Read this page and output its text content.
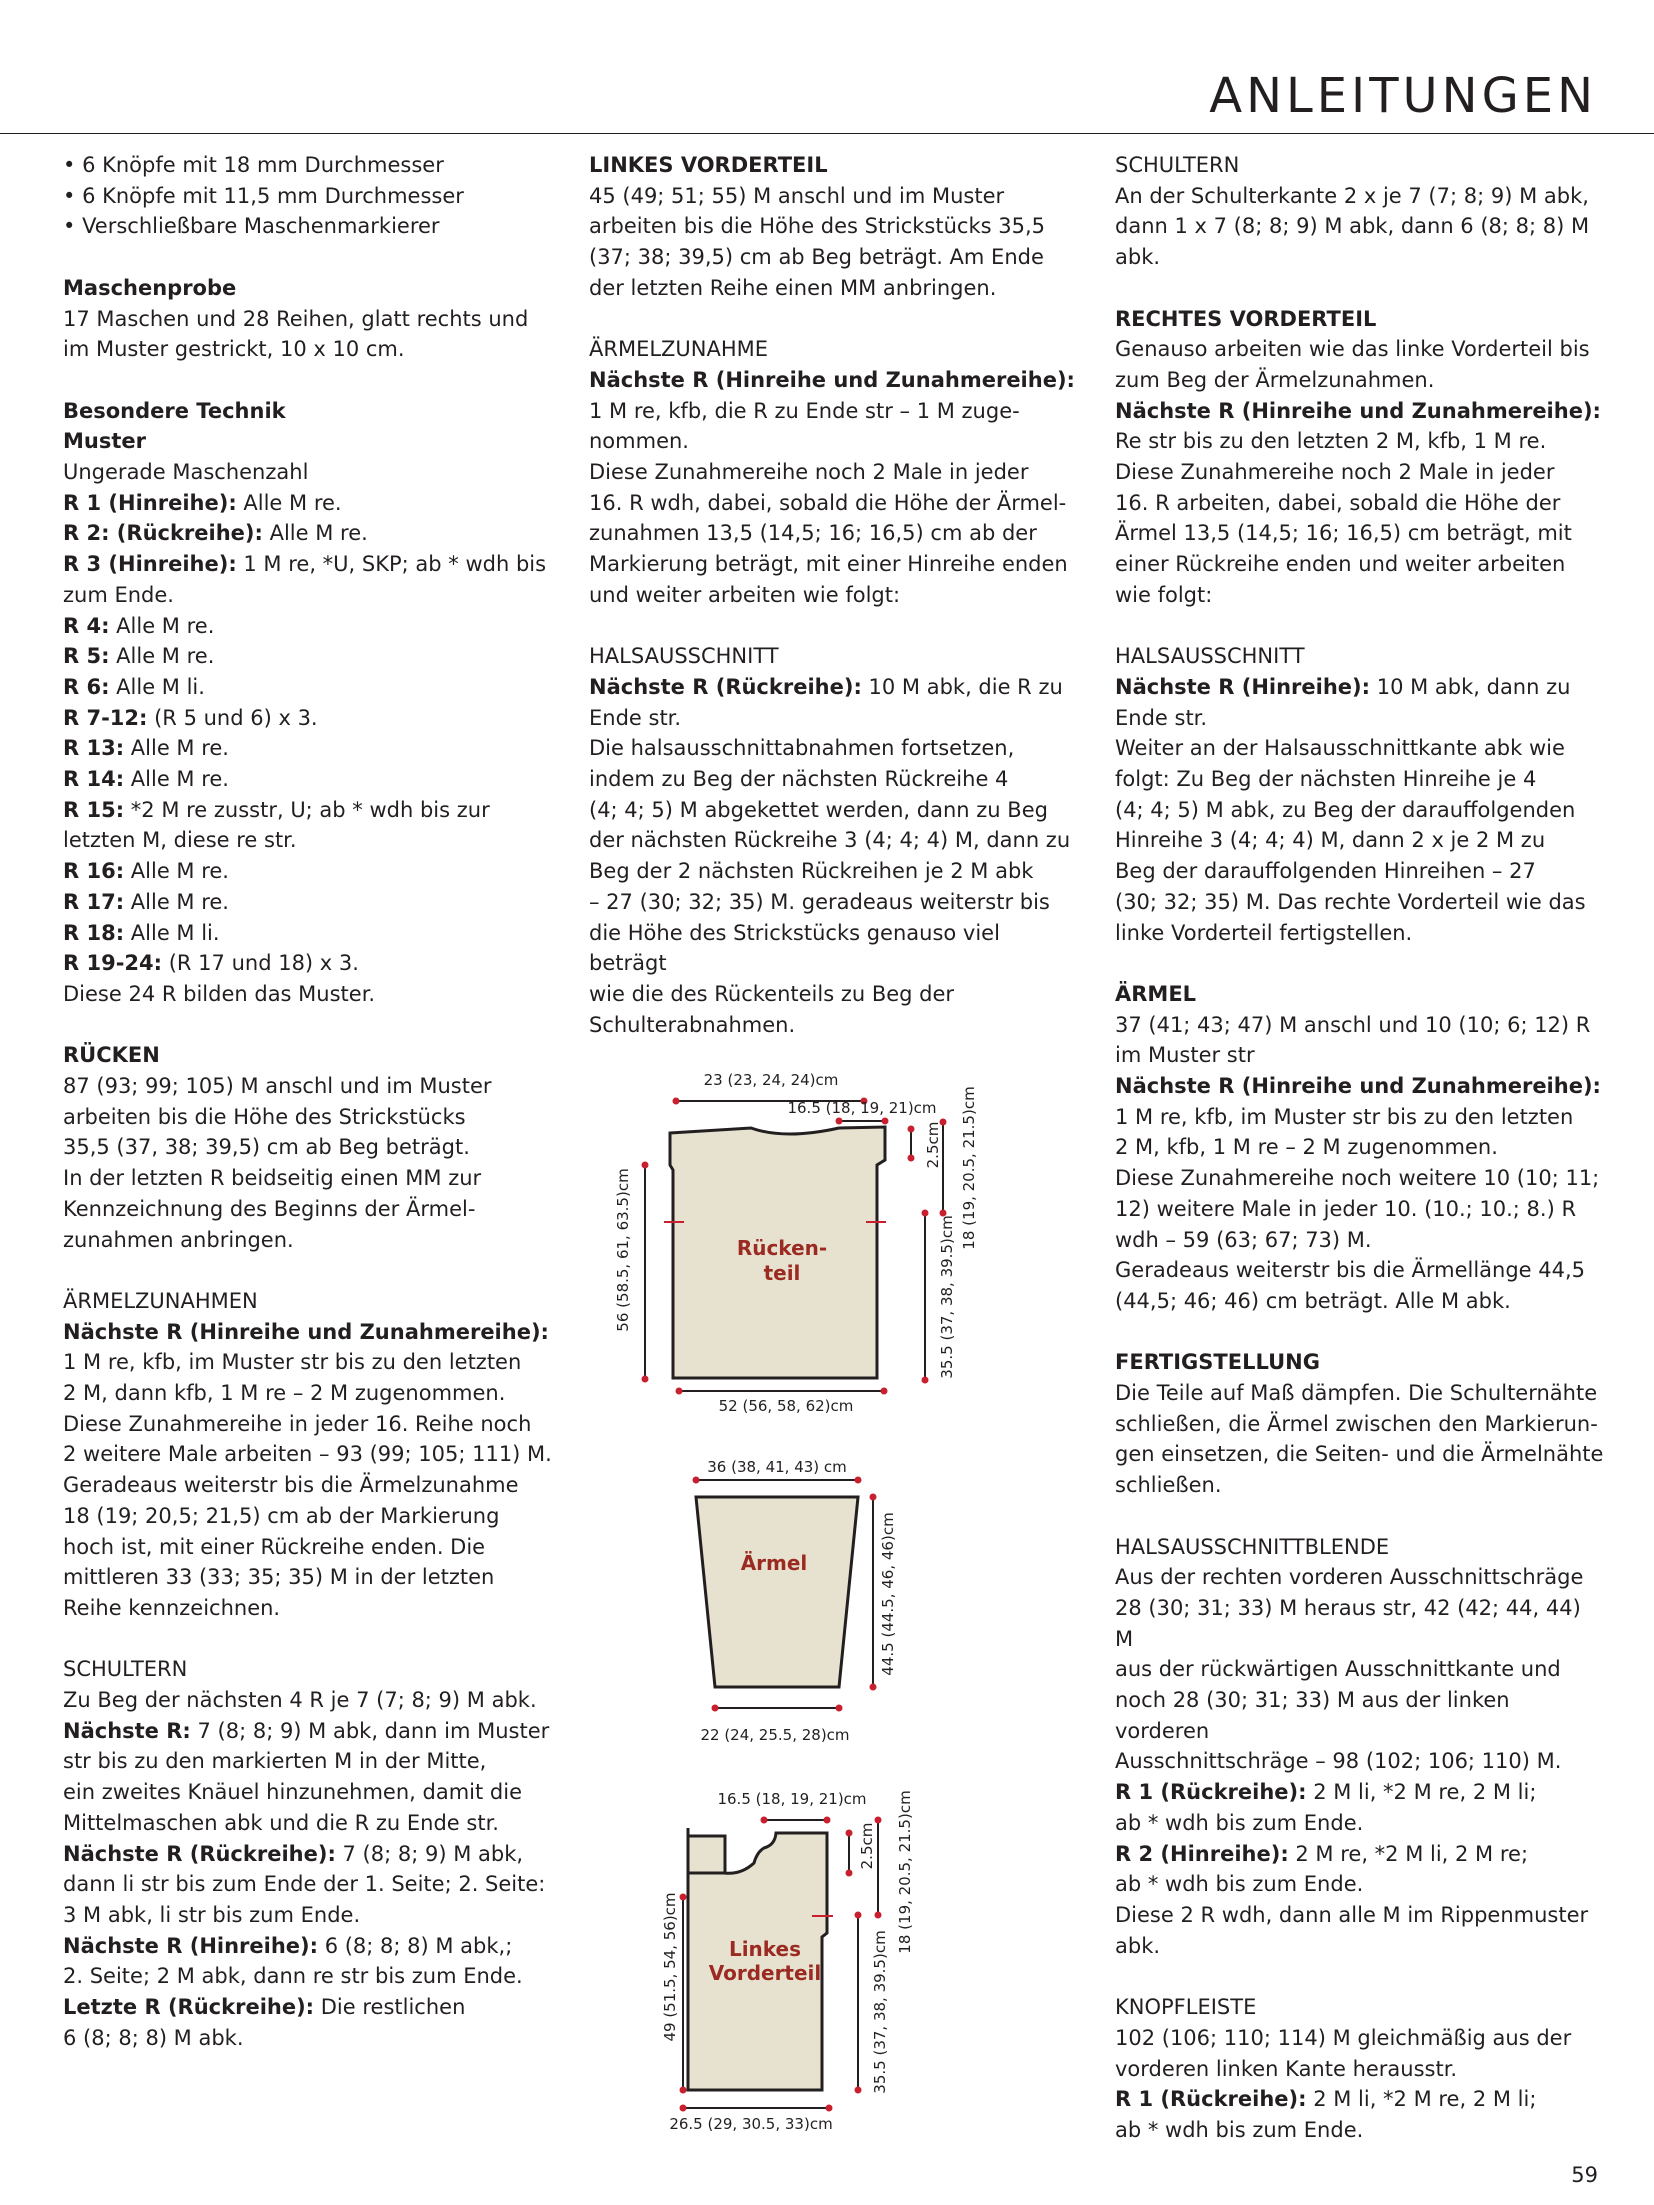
ANLEITUNGEN

• 6 Knöpfe mit 18 mm Durchmesser

• 6 Knöpfe mit 11,5 mm Durchmesser

• Verschließbare Maschenmarkierer

Maschenprobe

17 Maschen und 28 Reihen, glatt rechts und

im Muster gestrickt, 10 x 10 cm.

Besondere Technik

Muster

Ungerade Maschenzahl

R 1 (Hinreihe): Alle M re.

R 2: (Rückreihe): Alle M re.

R 3 (Hinreihe): 1 M re, *U, SKP; ab * wdh bis

zum Ende.

R 4: Alle M re.

R 5: Alle M re.

R 6: Alle M li.

R 7-12: (R 5 und 6) x 3.

R 13: Alle M re.

R 14: Alle M re.

R 15: *2 M re zusstr, U; ab * wdh bis zur

letzten M, diese re str.

R 16: Alle M re.

R 17: Alle M re.

R 18: Alle M li.

R 19-24: (R 17 und 18) x 3.

Diese 24 R bilden das Muster.

RÜCKEN

87 (93; 99; 105) M anschl und im Muster

arbeiten bis die Höhe des Strickstücks

35,5 (37, 38; 39,5) cm ab Beg beträgt.

In der letzten R beidseitig einen MM zur

Kennzeichnung des Beginns der Ärmel-

zunahmen anbringen.

ÄRMELZUNAHMEN

Nächste R (Hinreihe und Zunahmereihe):

1 M re, kfb, im Muster str bis zu den letzten

2 M, dann kfb, 1 M re – 2 M zugenommen.

Diese Zunahmereihe in jeder 16. Reihe noch

2 weitere Male arbeiten – 93 (99; 105; 111) M.

Geradeaus weiterstr bis die Ärmelzunahme

18 (19; 20,5; 21,5) cm ab der Markierung

hoch ist, mit einer Rückreihe enden. Die

mittleren 33 (33; 35; 35) M in der letzten

Reihe kennzeichnen.

SCHULTERN

Zu Beg der nächsten 4 R je 7 (7; 8; 9) M abk.

Nächste R: 7 (8; 8; 9) M abk, dann im Muster

str bis zu den markierten M in der Mitte,

ein zweites Knäuel hinzunehmen, damit die

Mittelmaschen abk und die R zu Ende str.

Nächste R (Rückreihe): 7 (8; 8; 9) M abk,

dann li str bis zum Ende der 1. Seite; 2. Seite:

3 M abk, li str bis zum Ende.

Nächste R (Hinreihe): 6 (8; 8; 8) M abk,;

2. Seite; 2 M abk, dann re str bis zum Ende.

Letzte R (Rückreihe): Die restlichen

6 (8; 8; 8) M abk.

LINKES VORDERTEIL

45 (49; 51; 55) M anschl und im Muster

arbeiten bis die Höhe des Strickstücks 35,5

(37; 38; 39,5) cm ab Beg beträgt. Am Ende

der letzten Reihe einen MM anbringen.

ÄRMELZUNAHME

Nächste R (Hinreihe und Zunahmereihe):

1 M re, kfb, die R zu Ende str – 1 M zuge-

nommen.

Diese Zunahmereihe noch 2 Male in jeder

16. R wdh, dabei, sobald die Höhe der Ärmel-

zunahmen 13,5 (14,5; 16; 16,5) cm ab der

Markierung beträgt, mit einer Hinreihe enden

und weiter arbeiten wie folgt:

HALSAUSSCHNITT

Nächste R (Rückreihe): 10 M abk, die R zu

Ende str.

Die halsausschnittabnahmen fortsetzen,

indem zu Beg der nächsten Rückreihe 4

(4; 4; 5) M abgekettet werden, dann zu Beg

der nächsten Rückreihe 3 (4; 4; 4) M, dann zu

Beg der 2 nächsten Rückreihen je 2 M abk

– 27 (30; 32; 35) M. geradeaus weiterstr bis

die Höhe des Strickstücks genauso viel beträgt

wie die des Rückenteils zu Beg der

Schulterabnahmen.

SCHULTERN

An der Schulterkante 2 x je 7 (7; 8; 9) M abk,

dann 1 x 7 (8; 8; 9) M abk, dann 6 (8; 8; 8) M

abk.

RECHTES VORDERTEIL

Genauso arbeiten wie das linke Vorderteil bis

zum Beg der Ärmelzunahmen.

Nächste R (Hinreihe und Zunahmereihe):

Re str bis zu den letzten 2 M, kfb, 1 M re.

Diese Zunahmereihe noch 2 Male in jeder

16. R arbeiten, dabei, sobald die Höhe der

Ärmel 13,5 (14,5; 16; 16,5) cm beträgt, mit

einer Rückreihe enden und weiter arbeiten

wie folgt:

HALSAUSSCHNITT

Nächste R (Hinreihe): 10 M abk, dann zu

Ende str.

Weiter an der Halsausschnittkante abk wie

folgt: Zu Beg der nächsten Hinreihe je 4

(4; 4; 5) M abk, zu Beg der darauffolgenden

Hinreihe 3 (4; 4; 4) M, dann 2 x je 2 M zu

Beg der darauffolgenden Hinreihen – 27

(30; 32; 35) M. Das rechte Vorderteil wie das

linke Vorderteil fertigstellen.

ÄRMEL

37 (41; 43; 47) M anschl und 10 (10; 6; 12) R

im Muster str

Nächste R (Hinreihe und Zunahmereihe):

1 M re, kfb, im Muster str bis zu den letzten

2 M, kfb, 1 M re – 2 M zugenommen.

Diese Zunahmereihe noch weitere 10 (10; 11;

12) weitere Male in jeder 10. (10.; 10.; 8.) R

wdh – 59 (63; 67; 73) M.

Geradeaus weiterstr bis die Ärmellänge 44,5

(44,5; 46; 46) cm beträgt. Alle M abk.

FERTIGSTELLUNG

Die Teile auf Maß dämpfen. Die Schulternähte

schließen, die Ärmel zwischen den Markierun-

gen einsetzen, die Seiten- und die Ärmelnähte

schließen.

HALSAUSSCHNITTBLENDE

Aus der rechten vorderen Ausschnittschräge

28 (30; 31; 33) M heraus str, 42 (42; 44, 44) M

aus der rückwärtigen Ausschnittkante und

noch 28 (30; 31; 33) M aus der linken vorderen

Ausschnittschräge – 98 (102; 106; 110) M.

R 1 (Rückreihe): 2 M li, *2 M re, 2 M li;

ab * wdh bis zum Ende.

R 2 (Hinreihe): 2 M re, *2 M li, 2 M re;

ab * wdh bis zum Ende.

Diese 2 R wdh, dann alle M im Rippenmuster

abk.

KNOPFLEISTE

102 (106; 110; 114) M gleichmäßig aus der

vorderen linken Kante herausstr.

R 1 (Rückreihe): 2 M li, *2 M re, 2 M li;

ab * wdh bis zum Ende.

Rücken-
teil
23 (23, 24, 24)cm
16.5 (18, 19, 21)cm
2.5cm 18 (19, 20.5, 21.5)cm
56 (58.5, 61, 63.5)cm	35.5 (37, 38, 39.5)cm
52 (56, 58, 62)cm
Ärmel
36 (38, 41, 43) cm
44.5 (44.5, 46, 46)cm
22 (24, 25.5, 28)cm
Linkes
Vorderteil
16.5 (18, 19, 21)cm
2.5cm 18 (19, 20.5, 21.5)cm
49 (51.5, 54, 56)cm	35.5 (37, 38, 39.5)cm
26.5 (29, 30.5, 33)cm
59
